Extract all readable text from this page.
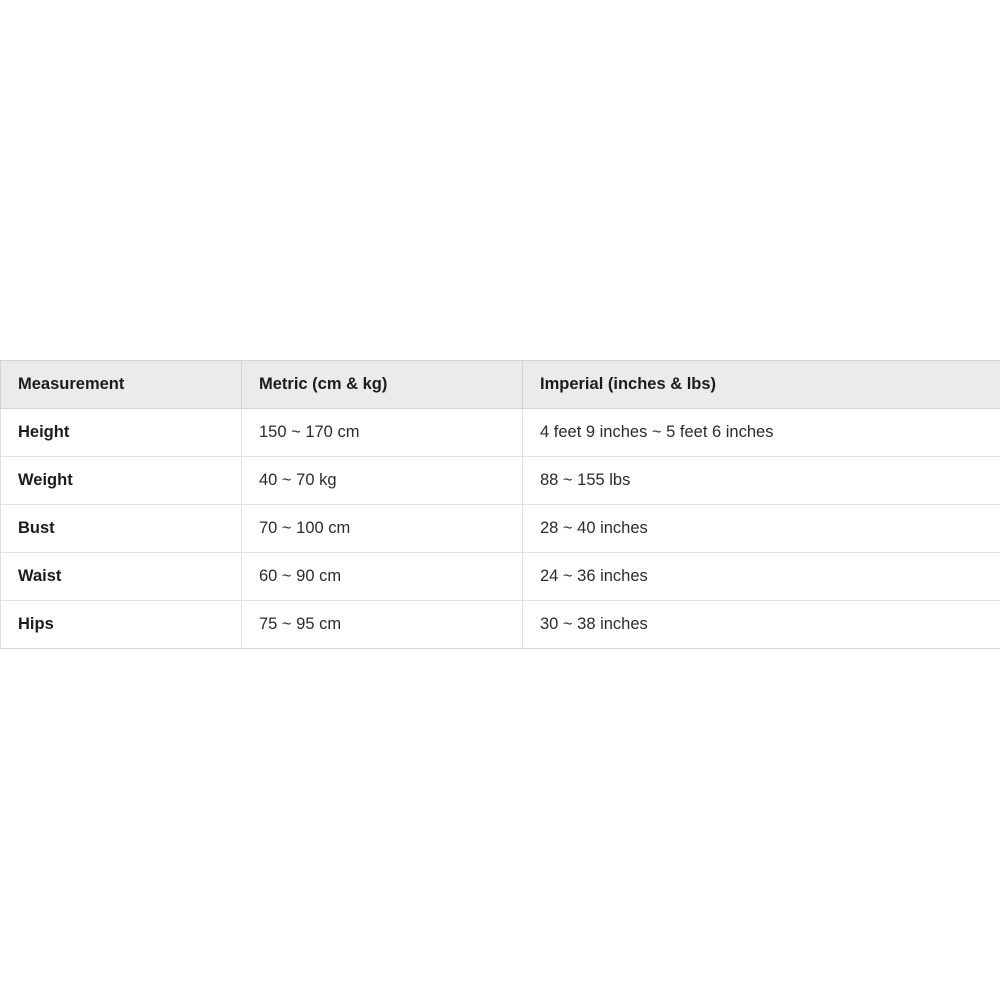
Measurement	Metric (cm & kg)	Imperial (inches & lbs)
Height	150 ~ 170 cm	4 feet 9 inches ~ 5 feet 6 inches
Weight	40 ~ 70 kg	88 ~ 155 lbs
Bust	70 ~ 100 cm	28 ~ 40 inches
Waist	60 ~ 90 cm	24 ~ 36 inches
Hips	75 ~ 95 cm	30 ~ 38 inches
